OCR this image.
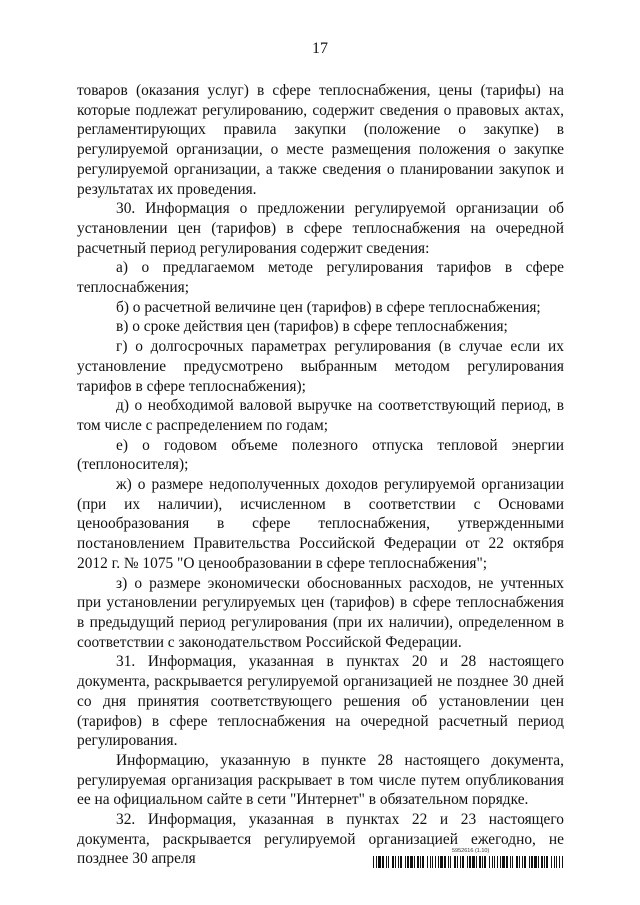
17

товаров (оказания услуг) в сфере теплоснабжения, цены (тарифы) на которые подлежат регулированию, содержит сведения о правовых актах, регламентирующих правила закупки (положение о закупке) в регулируемой организации, о месте размещения положения о закупке регулируемой организации, а также сведения о планировании закупок и результатах их проведения.

30. Информация о предложении регулируемой организации об установлении цен (тарифов) в сфере теплоснабжения на очередной расчетный период регулирования содержит сведения:

а) о предлагаемом методе регулирования тарифов в сфере теплоснабжения;

б) о расчетной величине цен (тарифов) в сфере теплоснабжения;

в) о сроке действия цен (тарифов) в сфере теплоснабжения;

г) о долгосрочных параметрах регулирования (в случае если их установление предусмотрено выбранным методом регулирования тарифов в сфере теплоснабжения);

д) о необходимой валовой выручке на соответствующий период, в том числе с распределением по годам;

е) о годовом объеме полезного отпуска тепловой энергии (теплоносителя);

ж) о размере недополученных доходов регулируемой организации (при их наличии), исчисленном в соответствии с Основами ценообразования в сфере теплоснабжения, утвержденными постановлением Правительства Российской Федерации от 22 октября 2012 г. № 1075 "О ценообразовании в сфере теплоснабжения";

з) о размере экономически обоснованных расходов, не учтенных при установлении регулируемых цен (тарифов) в сфере теплоснабжения в предыдущий период регулирования (при их наличии), определенном в соответствии с законодательством Российской Федерации.

31. Информация, указанная в пунктах 20 и 28 настоящего документа, раскрывается регулируемой организацией не позднее 30 дней со дня принятия соответствующего решения об установлении цен (тарифов) в сфере теплоснабжения на очередной расчетный период регулирования.

Информацию, указанную в пункте 28 настоящего документа, регулируемая организация раскрывает в том числе путем опубликования ее на официальном сайте в сети "Интернет" в обязательном порядке.

32. Информация, указанная в пунктах 22 и 23 настоящего документа, раскрывается регулируемой организацией ежегодно, не позднее 30 апреля	5952616 (1.10)
